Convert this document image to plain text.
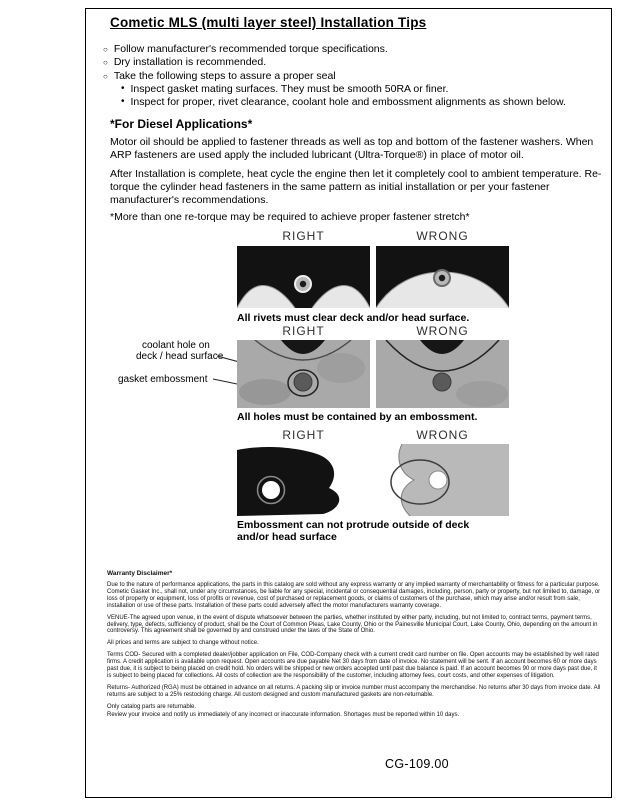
Cometic MLS (multi layer steel) Installation Tips
○ Follow manufacturer's recommended torque specifications.
○ Dry installation is recommended.
○ Take the following steps to assure a proper seal
• Inspect gasket mating surfaces. They must be smooth 50RA or finer.
• Inspect for proper, rivet clearance, coolant hole and embossment alignments as shown below.
*For Diesel Applications*

Motor oil should be applied to fastener threads as well as top and bottom of the fastener washers. When ARP fasteners are used apply the included lubricant (Ultra-Torque®) in place of motor oil.

After Installation is complete, heat cycle the engine then let it completely cool to ambient temperature. Re-torque the cylinder head fasteners in the same pattern as initial installation or per your fastener manufacturer's recommendations.

*More than one re-torque may be required to achieve proper fastener stretch*

RIGHT	WRONG
All rivets must clear deck and/or head surface.
RIGHT	WRONG
coolant hole on
deck / head surface
gasket embossment
All holes must be contained by an embossment.
RIGHT	WRONG
Embossment can not protrude outside of deck
and/or head surface
Warranty Disclaimer*

Due to the nature of performance applications, the parts in this catalog are sold without any express warranty or any implied warranty of merchantability or fitness for a particular purpose. Cometic Gasket Inc., shall not, under any circumstances, be liable for any special, incidental or consequential damages, including, person, party or property, but not limited to, damage, or loss of property or equipment, loss of profits or revenue, cost of purchased or replacement goods, or claims of customers of the purchase, which may arise and/or result from sale, installation or use of these parts. Installation of these parts could adversely affect the motor manufacturers warranty coverage.

VENUE-The agreed upon venue, in the event of dispute whatsoever between the parties, whether instituted by either party, including, but not limited to, contract terms, payment terms, delivery, type, defects, sufficiency of product, shall be the Court of Common Pleas, Lake County, Ohio or the Painesville Municipal Court, Lake County, Ohio, depending on the amount in controversy. This agreement shall be governed by and construed under the laws of the State of Ohio.

All prices and terms are subject to change without notice.

Terms COD- Secured with a completed dealer/jobber application on File, COD-Company check with a current credit card number on file. Open accounts may be established by well rated firms. A credit application is available upon request. Open accounts are due payable Net 30 days from date of invoice. No statement will be sent. If an account becomes 60 or more days past due, it is subject to being placed on credit hold. No orders will be shipped or new orders accepted until past due balance is paid. If an account becomes 90 or more days past due, it is subject to being placed for collections. All costs of collection are the responsibility of the customer, including attorney fees, court costs, and other expenses of litigation.

Returns- Authorized (RGA) must be obtained in advance on all returns. A packing slip or invoice number must accompany the merchandise. No returns after 30 days from invoice date. All returns are subject to a 25% restocking charge. All custom designed and custom manufactured gaskets are non-returnable.

Only catalog parts are returnable.

Review your invoice and notify us immediately of any incorrect or inaccurate information. Shortages must be reported within 10 days.

CG-109.00
